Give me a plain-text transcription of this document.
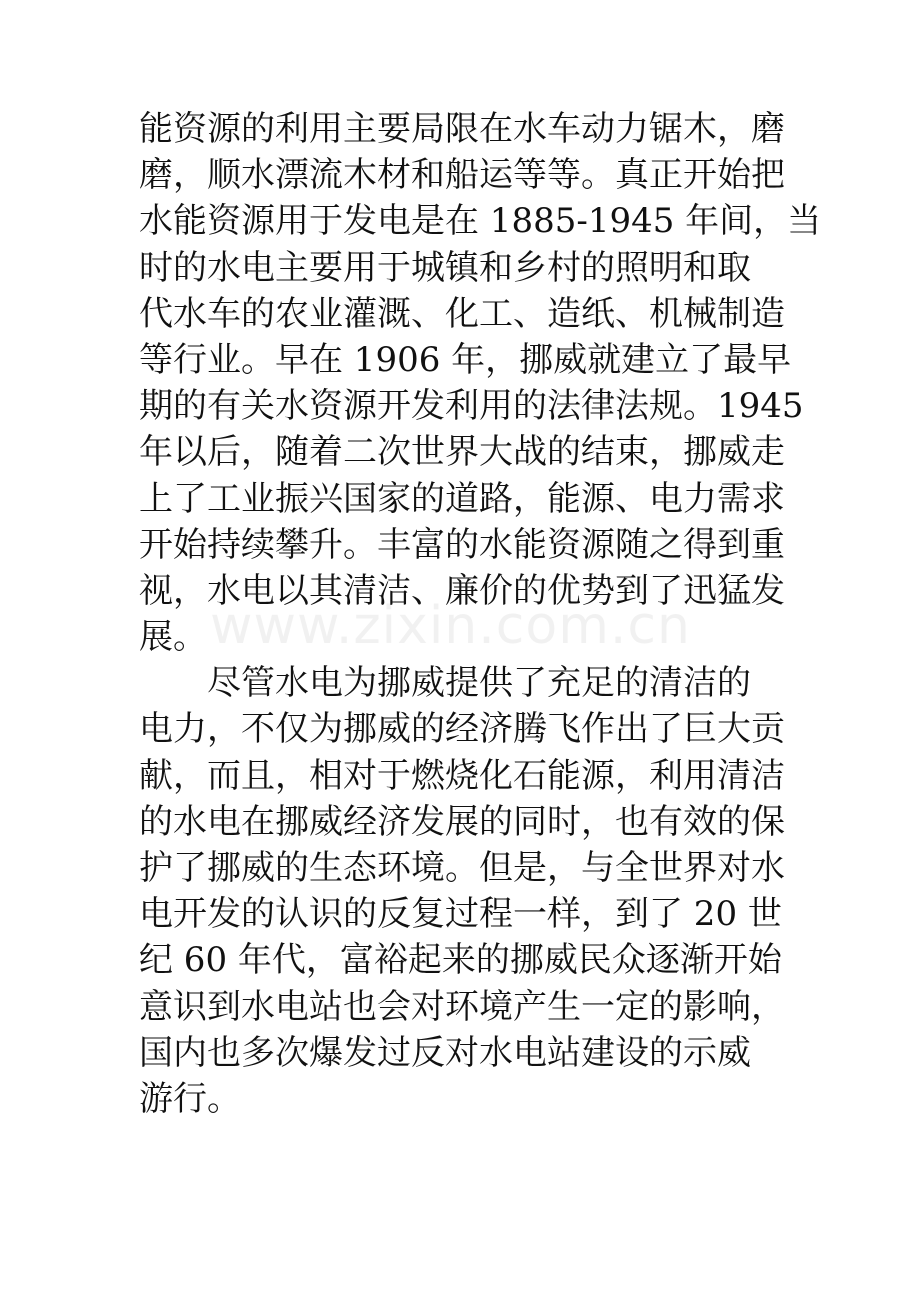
能资源的利用主要局限在水车动力锯木，磨
磨，顺水漂流木材和船运等等。真正开始把
水能资源用于发电是在 1885-1945 年间，当
时的水电主要用于城镇和乡村的照明和取
代水车的农业灌溉、化工、造纸、机械制造
等行业。早在 1906 年，挪威就建立了最早
期的有关水资源开发利用的法律法规。1945
年以后，随着二次世界大战的结束，挪威走
上了工业振兴国家的道路，能源、电力需求
开始持续攀升。丰富的水能资源随之得到重
视，水电以其清洁、廉价的优势到了迅猛发
展。
尽管水电为挪威提供了充足的清洁的
电力，不仅为挪威的经济腾飞作出了巨大贡
献，而且，相对于燃烧化石能源，利用清洁
的水电在挪威经济发展的同时，也有效的保
护了挪威的生态环境。但是，与全世界对水
电开发的认识的反复过程一样，到了 20 世
纪 60 年代，富裕起来的挪威民众逐渐开始
意识到水电站也会对环境产生一定的影响，
国内也多次爆发过反对水电站建设的示威
游行。
www.zixin.com.cn
